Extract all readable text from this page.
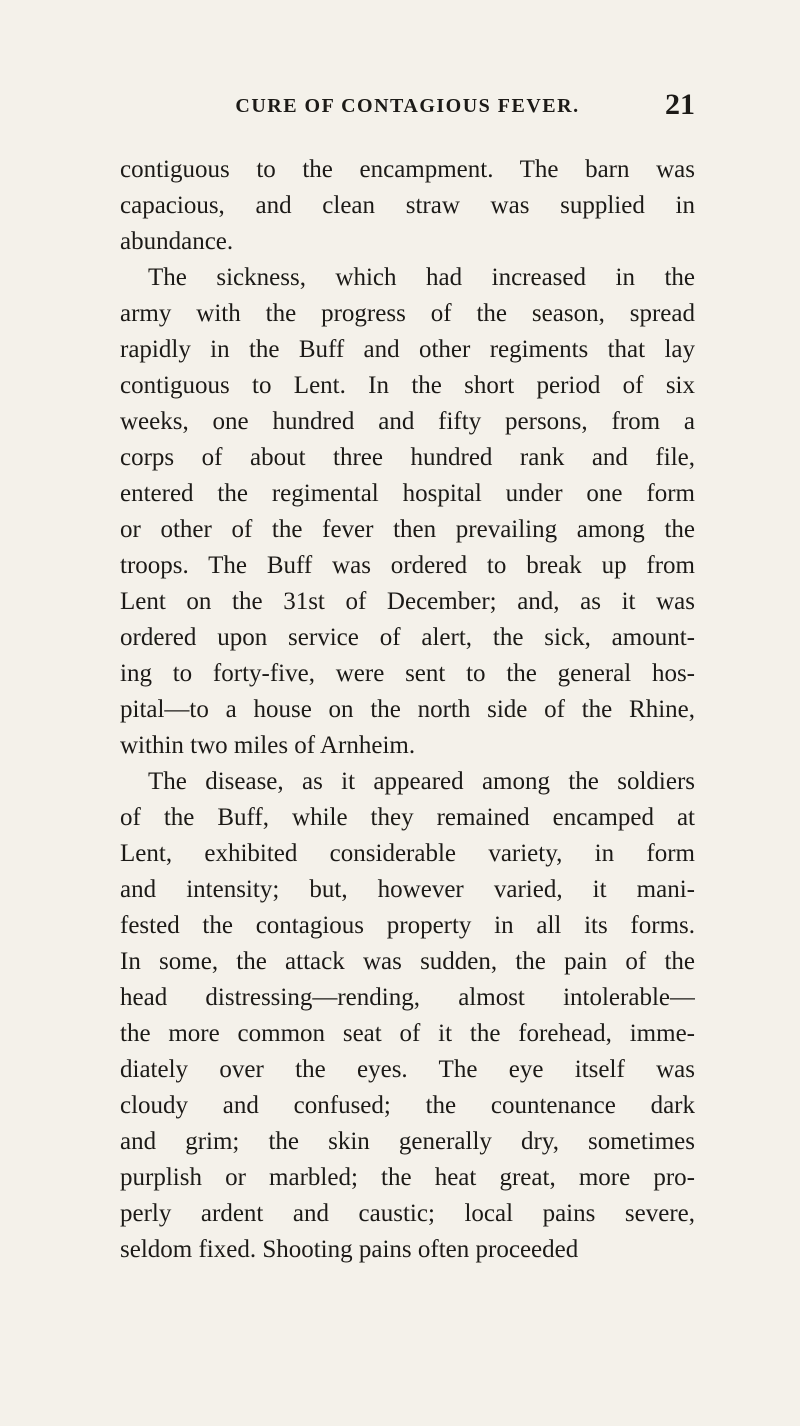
CURE OF CONTAGIOUS FEVER.	21
contiguous to the encampment. The barn was
capacious, and clean straw was supplied in
abundance.
The sickness, which had increased in the
army with the progress of the season, spread
rapidly in the Buff and other regiments that lay
contiguous to Lent. In the short period of six
weeks, one hundred and fifty persons, from a
corps of about three hundred rank and file,
entered the regimental hospital under one form
or other of the fever then prevailing among the
troops. The Buff was ordered to break up from
Lent on the 31st of December; and, as it was
ordered upon service of alert, the sick, amount-
ing to forty-five, were sent to the general hos-
pital—to a house on the north side of the Rhine,
within two miles of Arnheim.
The disease, as it appeared among the soldiers
of the Buff, while they remained encamped at
Lent, exhibited considerable variety, in form
and intensity; but, however varied, it mani-
fested the contagious property in all its forms.
In some, the attack was sudden, the pain of the
head distressing—rending, almost intolerable—
the more common seat of it the forehead, imme-
diately over the eyes. The eye itself was
cloudy and confused; the countenance dark
and grim; the skin generally dry, sometimes
purplish or marbled; the heat great, more pro-
perly ardent and caustic; local pains severe,
seldom fixed. Shooting pains often proceeded
